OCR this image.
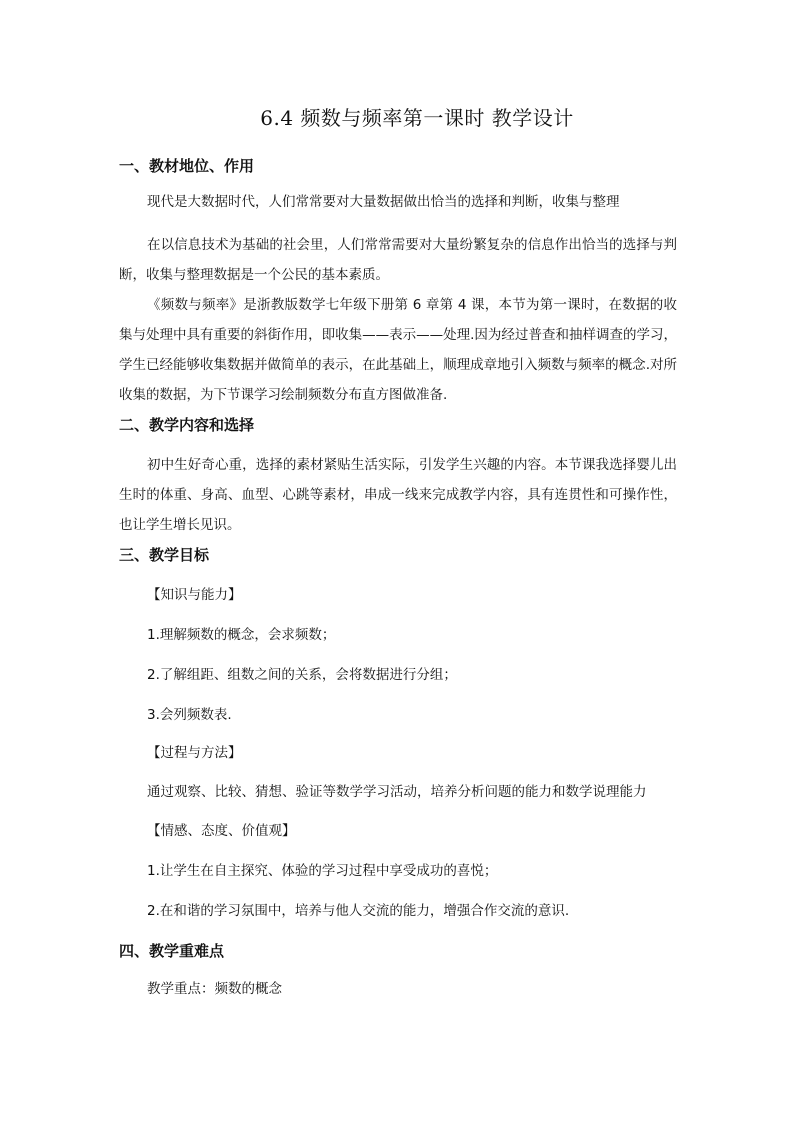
6.4 频数与频率第一课时 教学设计
一、教材地位、作用
现代是大数据时代，人们常常要对大量数据做出恰当的选择和判断，收集与整理
在以信息技术为基础的社会里，人们常常需要对大量纷繁复杂的信息作出恰当的选择与判断，收集与整理数据是一个公民的基本素质。
《频数与频率》是浙教版数学七年级下册第 6 章第 4 课，本节为第一课时，在数据的收集与处理中具有重要的斜街作用，即收集——表示——处理.因为经过普查和抽样调查的学习，学生已经能够收集数据并做简单的表示，在此基础上，顺理成章地引入频数与频率的概念.对所收集的数据，为下节课学习绘制频数分布直方图做准备.
二、教学内容和选择
初中生好奇心重，选择的素材紧贴生活实际，引发学生兴趣的内容。本节课我选择婴儿出生时的体重、身高、血型、心跳等素材，串成一线来完成教学内容，具有连贯性和可操作性，也让学生增长见识。
三、教学目标
【知识与能力】
1.理解频数的概念，会求频数；
2.了解组距、组数之间的关系，会将数据进行分组；
3.会列频数表.
【过程与方法】
通过观察、比较、猜想、验证等数学学习活动，培养分析问题的能力和数学说理能力
【情感、态度、价值观】
1.让学生在自主探究、体验的学习过程中享受成功的喜悦；
2.在和谐的学习氛围中，培养与他人交流的能力，增强合作交流的意识.
四、教学重难点
教学重点：频数的概念
